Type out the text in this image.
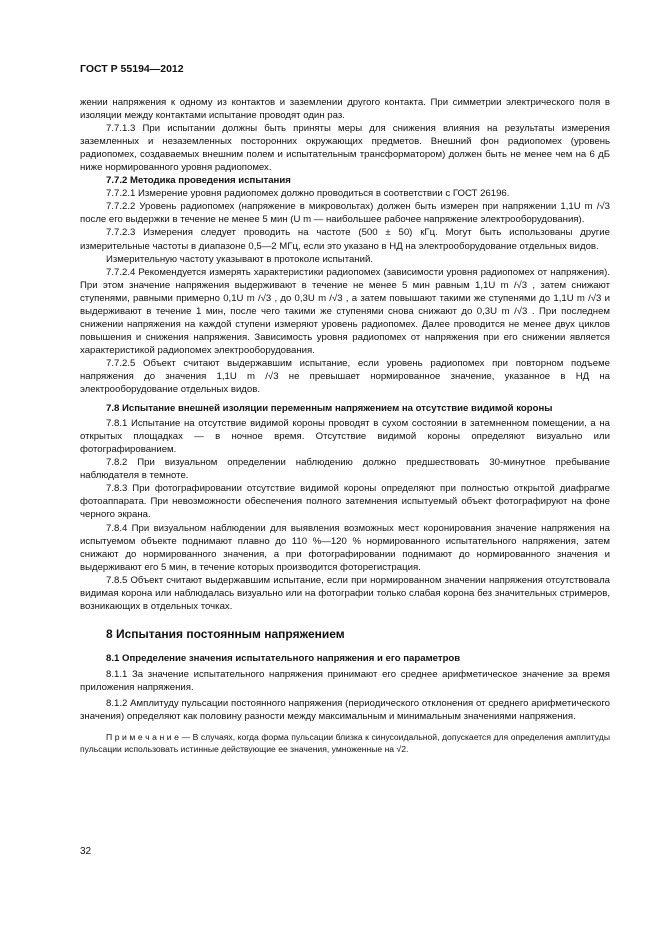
ГОСТ Р 55194—2012

жении напряжения к одному из контактов и заземлении другого контакта. При симметрии электрического поля в изоляции между контактами испытание проводят один раз.

7.7.1.3 При испытании должны быть приняты меры для снижения влияния на результаты измерения заземленных и незаземленных посторонних окружающих предметов. Внешний фон радиопомех (уровень радиопомех, создаваемых внешним полем и испытательным трансформатором) должен быть не менее чем на 6 дБ ниже нормированного уровня радиопомех.

7.7.2 Методика проведения испытания

7.7.2.1 Измерение уровня радиопомех должно проводиться в соответствии с ГОСТ 26196.

7.7.2.2 Уровень радиопомех (напряжение в микровольтах) должен быть измерен при напряжении 1,1U m /√3 после его выдержки в течение не менее 5 мин (U m — наибольшее рабочее напряжение электрооборудования).

7.7.2.3 Измерения следует проводить на частоте (500 ± 50) кГц. Могут быть использованы другие измерительные частоты в диапазоне 0,5—2 МГц, если это указано в НД на электрооборудование отдельных видов.

Измерительную частоту указывают в протоколе испытаний.

7.7.2.4 Рекомендуется измерять характеристики радиопомех (зависимости уровня радиопомех от напряжения). При этом значение напряжения выдерживают в течение не менее 5 мин равным 1,1U m /√3 , затем снижают ступенями, равными примерно 0,1U m /√3 , до 0,3U m /√3 , а затем повышают такими же ступенями до 1,1U m /√3 и выдерживают в течение 1 мин, после чего такими же ступенями снова снижают до 0,3U m /√3 . При последнем снижении напряжения на каждой ступени измеряют уровень радиопомех. Далее проводится не менее двух циклов повышения и снижения напряжения. Зависимость уровня радиопомех от напряжения при его снижении является характеристикой радиопомех электрооборудования.

7.7.2.5 Объект считают выдержавшим испытание, если уровень радиопомех при повторном подъеме напряжения до значения 1,1U m /√3 не превышает нормированное значение, указанное в НД на электрооборудование отдельных видов.

7.8 Испытание внешней изоляции переменным напряжением на отсутствие видимой короны

7.8.1 Испытание на отсутствие видимой короны проводят в сухом состоянии в затемненном помещении, а на открытых площадках — в ночное время. Отсутствие видимой короны определяют визуально или фотографированием.

7.8.2 При визуальном определении наблюдению должно предшествовать 30-минутное пребывание наблюдателя в темноте.

7.8.3 При фотографировании отсутствие видимой короны определяют при полностью открытой диафрагме фотоаппарата. При невозможности обеспечения полного затемнения испытуемый объект фотографируют на фоне черного экрана.

7.8.4 При визуальном наблюдении для выявления возможных мест коронирования значение напряжения на испытуемом объекте поднимают плавно до 110 %—120 % нормированного испытательного напряжения, затем снижают до нормированного значения, а при фотографировании поднимают до нормированного значения и выдерживают его 5 мин, в течение которых производится фоторегистрация.

7.8.5 Объект считают выдержавшим испытание, если при нормированном значении напряжения отсутствовала видимая корона или наблюдалась визуально или на фотографии только слабая корона без значительных стримеров, возникающих в отдельных точках.

8 Испытания постоянным напряжением

8.1 Определение значения испытательного напряжения и его параметров

8.1.1 За значение испытательного напряжения принимают его среднее арифметическое значение за время приложения напряжения.

8.1.2 Амплитуду пульсации постоянного напряжения (периодического отклонения от среднего арифметического значения) определяют как половину разности между максимальным и минимальным значениями напряжения.

П р и м е ч а н и е — В случаях, когда форма пульсации близка к синусоидальной, допускается для определения амплитуды пульсации использовать истинные действующие ее значения, умноженные на √2.

32
